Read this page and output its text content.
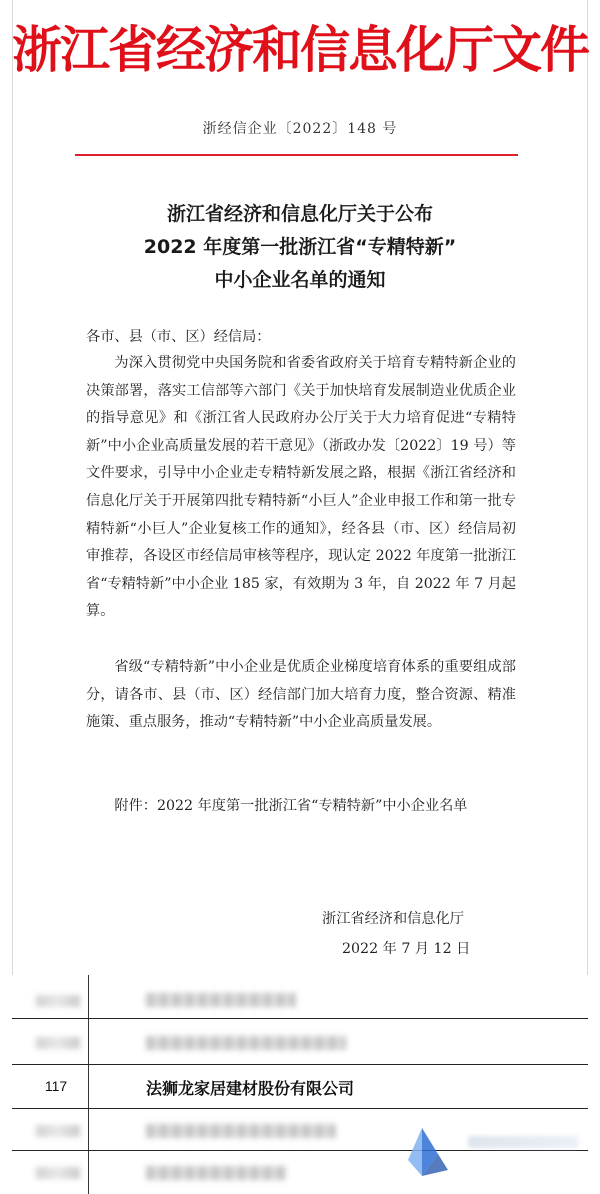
浙江省经济和信息化厅文件
浙经信企业〔2022〕148 号
浙江省经济和信息化厅关于公布
2022 年度第一批浙江省“专精特新”
中小企业名单的通知
各市、县（市、区）经信局：
为深入贯彻党中央国务院和省委省政府关于培育专精特新企业的决策部署，落实工信部等六部门《关于加快培育发展制造业优质企业的指导意见》和《浙江省人民政府办公厅关于大力培育促进“专精特新”中小企业高质量发展的若干意见》（浙政办发〔2022〕19 号）等文件要求，引导中小企业走专精特新发展之路，根据《浙江省经济和信息化厅关于开展第四批专精特新“小巨人”企业申报工作和第一批专精特新“小巨人”企业复核工作的通知》，经各县（市、区）经信局初审推荐，各设区市经信局审核等程序，现认定 2022 年度第一批浙江省“专精特新”中小企业 185 家，有效期为 3 年，自 2022 年 7 月起算。
省级“专精特新”中小企业是优质企业梯度培育体系的重要组成部分，请各市、县（市、区）经信部门加大培育力度，整合资源、精准施策、重点服务，推动“专精特新”中小企业高质量发展。
附件：2022 年度第一批浙江省“专精特新”中小企业名单
浙江省经济和信息化厅
2022 年 7 月 12 日
117	法狮龙家居建材股份有限公司
